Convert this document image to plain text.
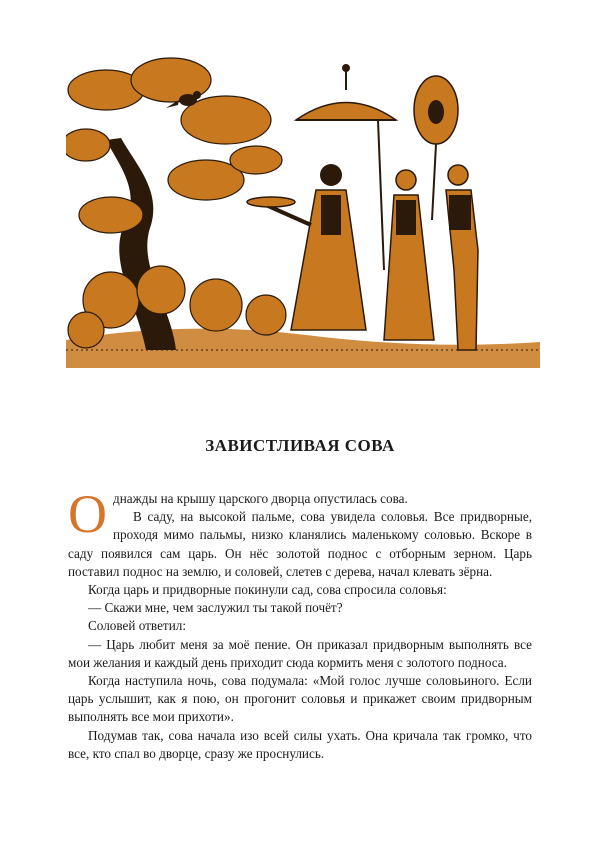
ЗАВИСТЛИВАЯ СОВА

Однажды на крышу царского дворца опустилась сова.

В саду, на высокой пальме, сова увидела соловья. Все придворные, проходя мимо пальмы, низко кланялись маленькому соловью. Вскоре в саду появился сам царь. Он нёс золотой поднос с отборным зерном. Царь поставил поднос на землю, и соловей, слетев с дерева, начал клевать зёрна.

Когда царь и придворные покинули сад, сова спросила соловья:

— Скажи мне, чем заслужил ты такой почёт?

Соловей ответил:

— Царь любит меня за моё пение. Он приказал придворным выполнять все мои желания и каждый день приходит сюда кормить меня с золотого подноса.

Когда наступила ночь, сова подумала: «Мой голос лучше соловьиного. Если царь услышит, как я пою, он прогонит соловья и прикажет своим придворным выполнять все мои прихоти».

Подумав так, сова начала изо всей силы ухать. Она кричала так громко, что все, кто спал во дворце, сразу же проснулись.
